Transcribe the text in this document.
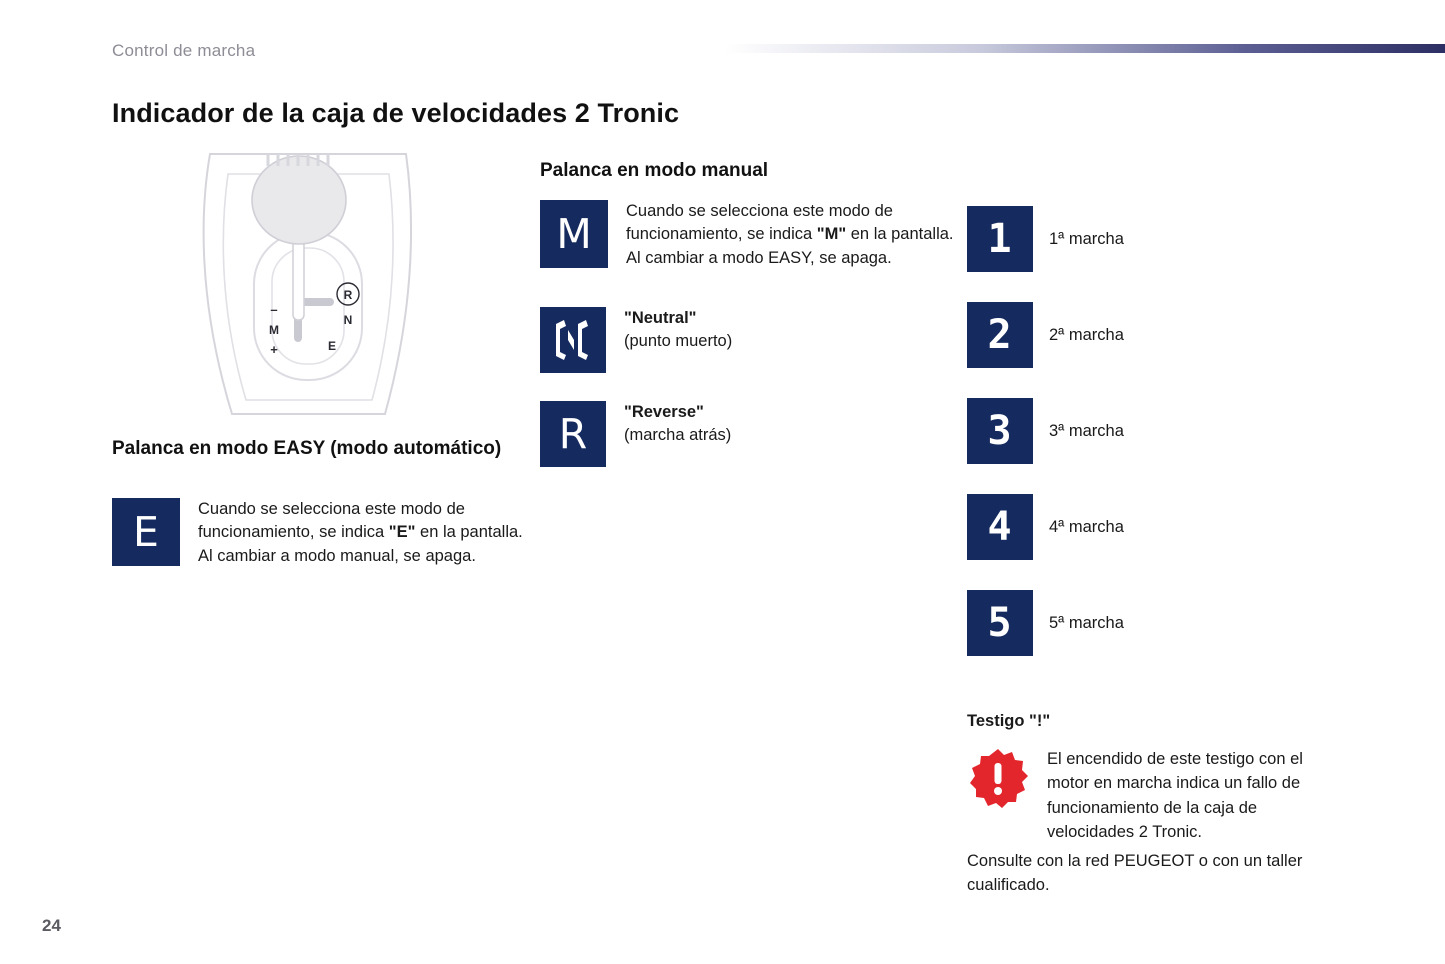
Control de marcha
Indicador de la caja de velocidades 2 Tronic
R
N
E
M
–
+
Palanca en modo EASY (modo automático)
E Cuando se selecciona este modo de funcionamiento, se indica "E" en la pantalla.
Al cambiar a modo manual, se apaga.
Palanca en modo manual
M Cuando se selecciona este modo de funcionamiento, se indica "M" en la pantalla.
Al cambiar a modo EASY, se apaga.
"Neutral"
(punto muerto)
R "Reverse"
(marcha atrás)
1 1ª marcha
2 2ª marcha
3 3ª marcha
4 4ª marcha
5 5ª marcha
Testigo "!"
El encendido de este testigo con el motor en marcha indica un fallo de funcionamiento de la caja de velocidades 2 Tronic.
Consulte con la red PEUGEOT o con un taller cualificado.
24
